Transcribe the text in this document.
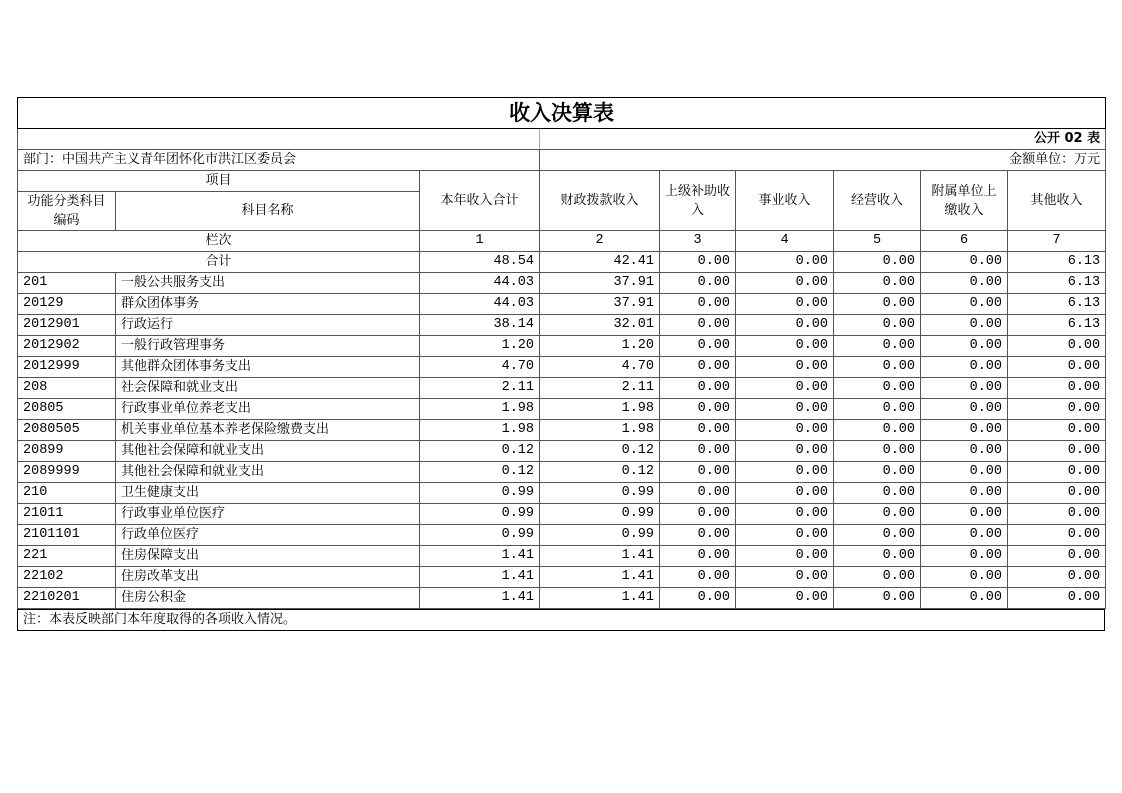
收入决算表								
			公开 02 表					
部门：中国共产主义青年团怀化市洪江区委员会			金额单位：万元					
项目		本年收入合计	财政拨款收入	上级补助收入	事业收入	经营收入	附属单位上缴收入	其他收入
功能分类科目编码	科目名称							
栏次		1	2	3	4	5	6	7
合计		48.54	42.41	0.00	0.00	0.00	0.00	6.13
201	一般公共服务支出	44.03	37.91	0.00	0.00	0.00	0.00	6.13
20129	群众团体事务	44.03	37.91	0.00	0.00	0.00	0.00	6.13
2012901	行政运行	38.14	32.01	0.00	0.00	0.00	0.00	6.13
2012902	一般行政管理事务	1.20	1.20	0.00	0.00	0.00	0.00	0.00
2012999	其他群众团体事务支出	4.70	4.70	0.00	0.00	0.00	0.00	0.00
208	社会保障和就业支出	2.11	2.11	0.00	0.00	0.00	0.00	0.00
20805	行政事业单位养老支出	1.98	1.98	0.00	0.00	0.00	0.00	0.00
2080505	机关事业单位基本养老保险缴费支出	1.98	1.98	0.00	0.00	0.00	0.00	0.00
20899	其他社会保障和就业支出	0.12	0.12	0.00	0.00	0.00	0.00	0.00
2089999	其他社会保障和就业支出	0.12	0.12	0.00	0.00	0.00	0.00	0.00
210	卫生健康支出	0.99	0.99	0.00	0.00	0.00	0.00	0.00
21011	行政事业单位医疗	0.99	0.99	0.00	0.00	0.00	0.00	0.00
2101101	行政单位医疗	0.99	0.99	0.00	0.00	0.00	0.00	0.00
221	住房保障支出	1.41	1.41	0.00	0.00	0.00	0.00	0.00
22102	住房改革支出	1.41	1.41	0.00	0.00	0.00	0.00	0.00
2210201	住房公积金	1.41	1.41	0.00	0.00	0.00	0.00	0.00
注：本表反映部门本年度取得的各项收入情况。
